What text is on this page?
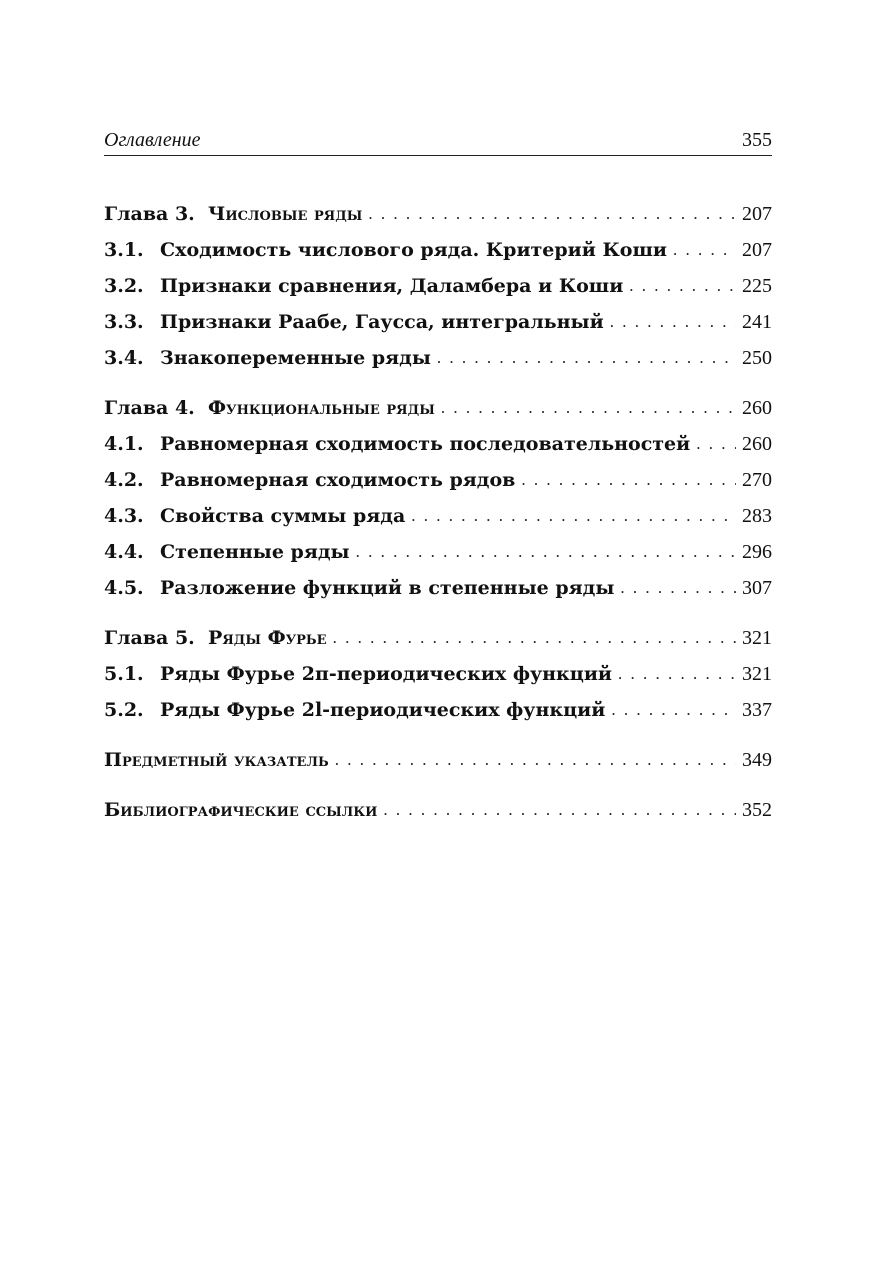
Оглавление	355
Глава 3. Числовые ряды . . .	207
3.1. Сходимость числового ряда. Критерий Коши . . .	207
3.2. Признаки сравнения, Даламбера и Коши . . .	225
3.3. Признаки Раабе, Гаусса, интегральный . . .	241
3.4. Знакопеременные ряды . . .	250
Глава 4. Функциональные ряды . . .	260
4.1. Равномерная сходимость последовательностей . . .	260
4.2. Равномерная сходимость рядов . . .	270
4.3. Свойства суммы ряда . . .	283
4.4. Степенные ряды . . .	296
4.5. Разложение функций в степенные ряды . . .	307
Глава 5. Ряды Фурье . . .	321
5.1. Ряды Фурье 2π-периодических функций . . .	321
5.2. Ряды Фурье 2l-периодических функций . . .	337
Предметный указатель . . .	349
Библиографические ссылки . . .	352
